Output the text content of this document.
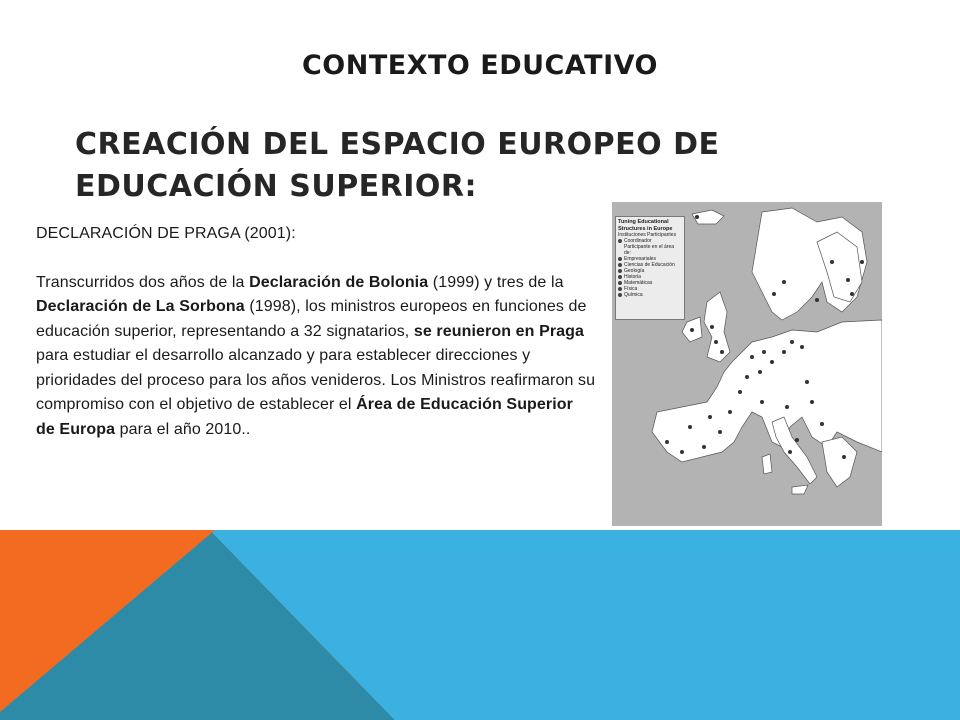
CONTEXTO EDUCATIVO
CREACIÓN DEL ESPACIO EUROPEO DE EDUCACIÓN SUPERIOR:

DECLARACIÓN DE PRAGA (2001):

Transcurridos dos años de la Declaración de Bolonia (1999) y tres de la Declaración de La Sorbona (1998), los ministros europeos en funciones de educación superior, representando a 32 signatarios, se reunieron en Praga para estudiar el desarrollo alcanzado y para establecer direcciones y prioridades del proceso para los años venideros. Los Ministros reafirmaron su compromiso con el objetivo de establecer el Área de Educación Superior de Europa para el año 2010..

Tuning Educational Structures in Europe
Instituciones Participantes
Coordinador
Participante en el área de:
Empresariales
Ciencias de Educación
Geología
Historia
Matemáticas
Física
Química
